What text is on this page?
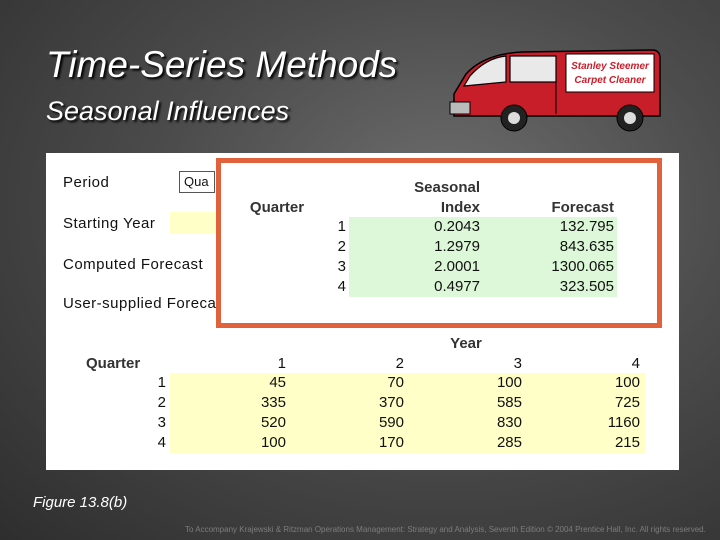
Time-Series Methods
Seasonal Influences
Stanley Steemer
Carpet Cleaner
Period	Qua
Starting Year
Computed Forecast
User-supplied Foreca
Quarter
Seasonal
Index	Forecast
1	0.2043	132.795
2	1.2979	843.635
3	2.0001	1300.065
4	0.4977	323.505
Year
Quarter	1	2	3	4
1	45	70	100	100
2	335	370	585	725
3	520	590	830	1160
4	100	170	285	215
Figure 13.8(b)
To Accompany Krajewski & Ritzman Operations Management: Strategy and Analysis, Seventh Edition © 2004 Prentice Hall, Inc. All rights reserved.
